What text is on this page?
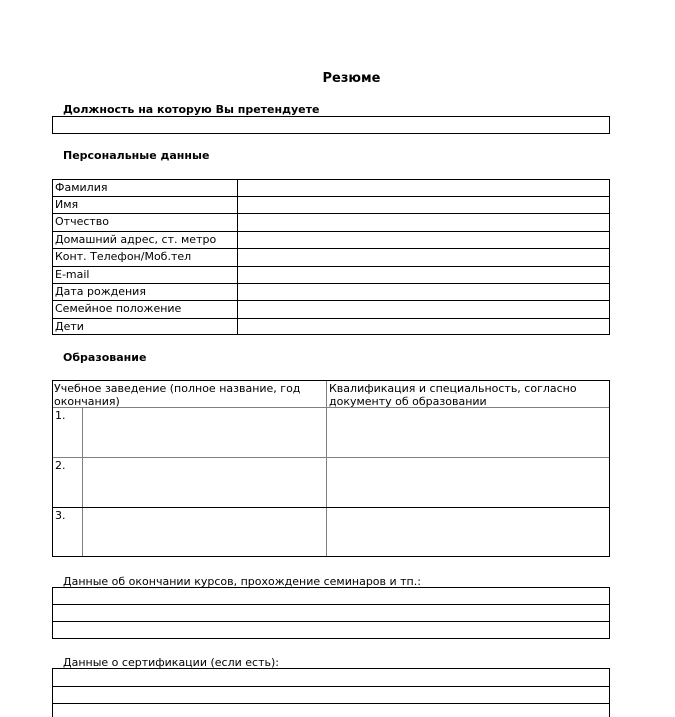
Резюме
Должность на которую Вы претендуете
Персональные данные
Фамилия
Имя
Отчество
Домашний адрес, ст. метро
Конт. Телефон/Моб.тел
E-mail
Дата рождения
Семейное положение
Дети
Образование
Учебное заведение (полное название, год окончания)
Квалификация и специальность, согласно документу об образовании
1.
2.
3.
Данные об окончании курсов, прохождение семинаров и тп.:
Данные о сертификации (если есть):
